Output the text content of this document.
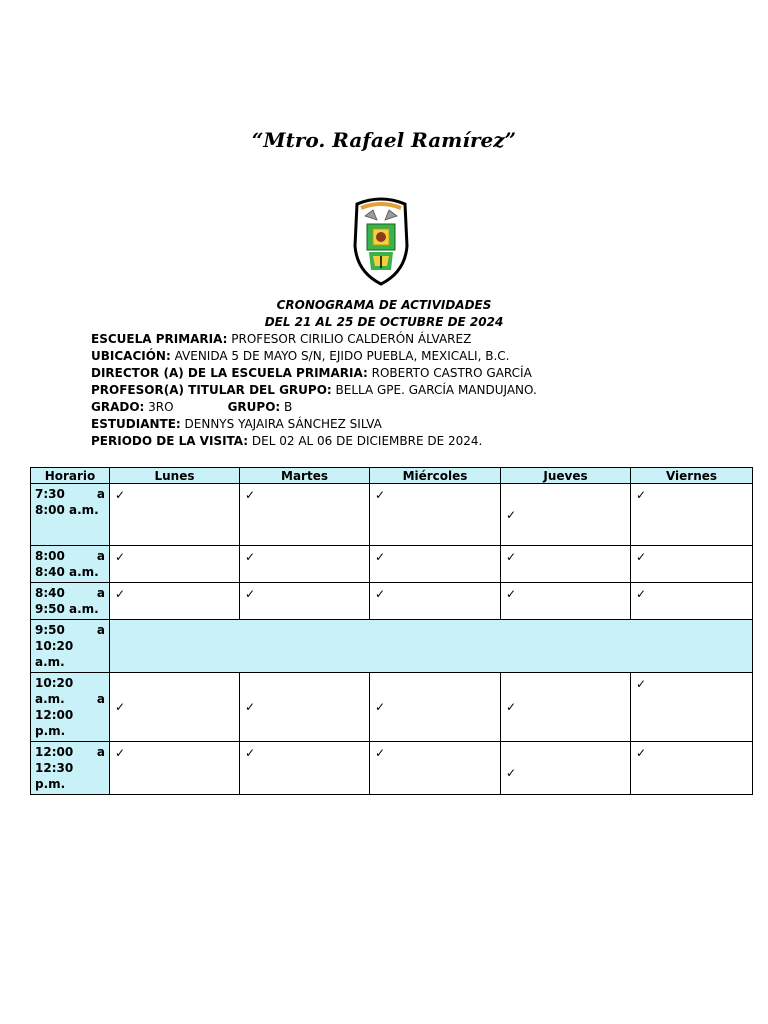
“Mtro. Rafael Ramírez”
CRONOGRAMA DE ACTIVIDADES
DEL 21 AL 25 DE OCTUBRE DE 2024
ESCUELA PRIMARIA: PROFESOR CIRILIO CALDERÓN ÁLVAREZ
UBICACIÓN: AVENIDA 5 DE MAYO S/N, EJIDO PUEBLA, MEXICALI, B.C.
DIRECTOR (A) DE LA ESCUELA PRIMARIA: ROBERTO CASTRO GARCÍA
PROFESOR(A) TITULAR DEL GRUPO: BELLA GPE. GARCÍA MANDUJANO.
GRADO: 3RO	GRUPO: B
ESTUDIANTE: DENNYS YAJAIRA SÁNCHEZ SILVA
PERIODO DE LA VISITA: DEL 02 AL 06 DE DICIEMBRE DE 2024.
Horario	Lunes	Martes	Miércoles	Jueves	Viernes
7:30 a 8:00 a.m.	✓	✓	✓	✓	✓
8:00 a 8:40 a.m.	✓	✓	✓	✓	✓
8:40 a 9:50 a.m.	✓	✓	✓	✓	✓
9:50 a 10:20 a.m.					
10:20 a.m. a 12:00 p.m.	✓	✓	✓	✓	✓
12:00 a 12:30 p.m.	✓	✓	✓	✓	✓
